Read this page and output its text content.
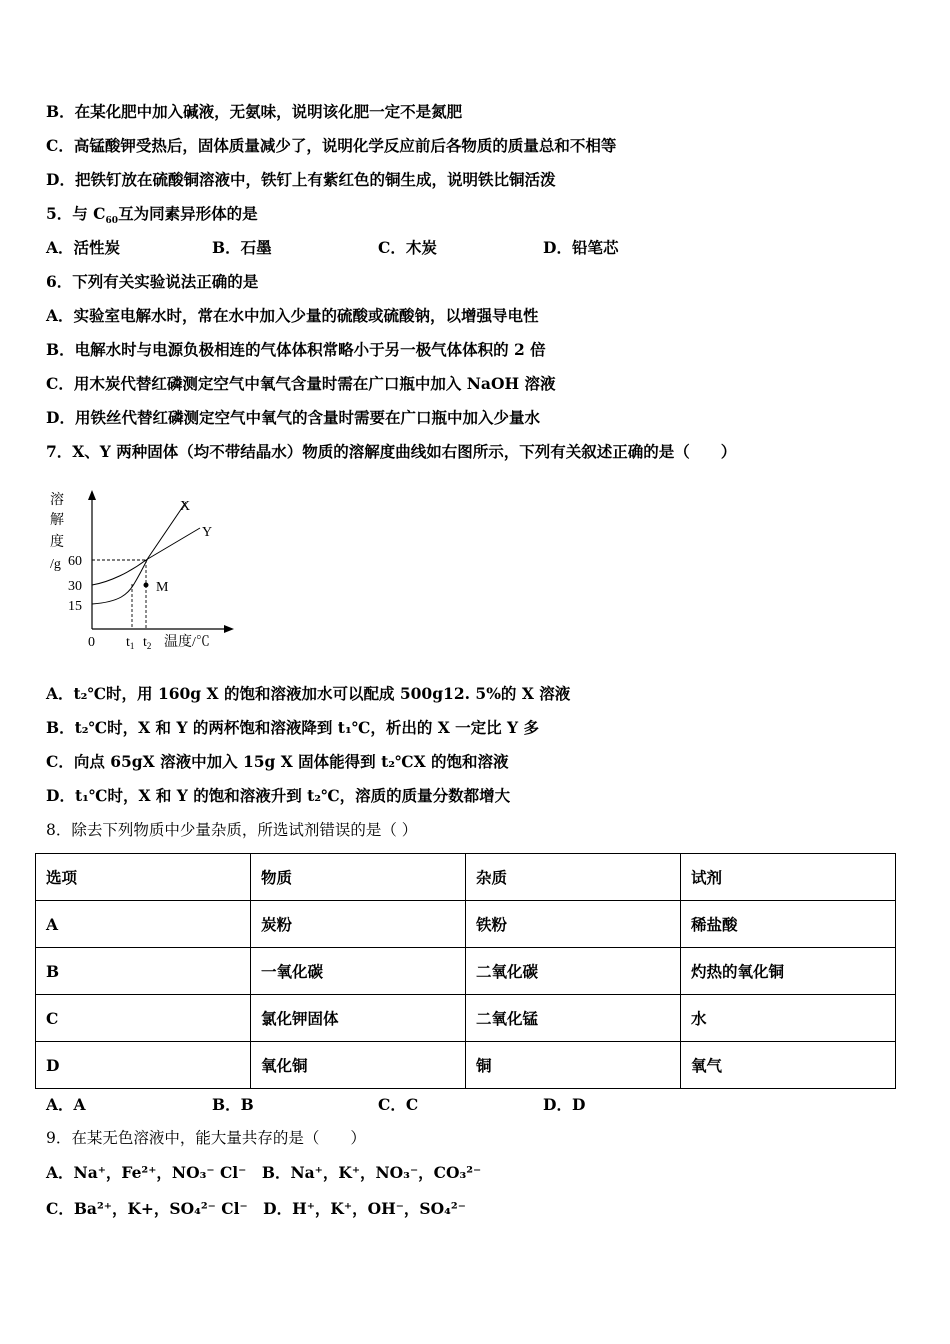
B．在某化肥中加入碱液，无氨味，说明该化肥一定不是氮肥
C．高锰酸钾受热后，固体质量减少了，说明化学反应前后各物质的质量总和不相等
D．把铁钉放在硫酸铜溶液中，铁钉上有紫红色的铜生成，说明铁比铜活泼
5．与 $C_{60}$互为同素异形体的是
A．活性炭	B．石墨	C．木炭	D．铅笔芯
6．下列有关实验说法正确的是
A．实验室电解水时，常在水中加入少量的硫酸或硫酸钠，以增强导电性
B．电解水时与电源负极相连的气体体积常略小于另一极气体体积的 2 倍
C．用木炭代替红磷测定空气中氧气含量时需在广口瓶中加入 NaOH 溶液
D．用铁丝代替红磷测定空气中氧气的含量时需要在广口瓶中加入少量水
7．X、Y 两种固体（均不带结晶水）物质的溶解度曲线如右图所示，下列有关叙述正确的是（　　）
溶
解
度
/g 60
30
15
X
Y
M
0 $t_1$ $t_2$ 温度/℃
A．t₂℃时，用 160g X 的饱和溶液加水可以配成 500g12. 5%的 X 溶液
B．t₂℃时，X 和 Y 的两杯饱和溶液降到 t₁℃，析出的 X 一定比 Y 多
C．向点 65gX 溶液中加入 15g X 固体能得到 t₂℃X 的饱和溶液
D．t₁℃时，X 和 Y 的饱和溶液升到 t₂℃，溶质的质量分数都增大
8．除去下列物质中少量杂质，所选试剂错误的是（ ）
选项	物质	杂质	试剂
A	炭粉	铁粉	稀盐酸
B	一氧化碳	二氧化碳	灼热的氧化铜
C	氯化钾固体	二氧化锰	水
D	氧化铜	铜	氧气
A．A	B．B	C．C	D．D
9．在某无色溶液中，能大量共存的是（　　）
A．Na⁺，Fe²⁺，NO₃⁻ Cl⁻　B．Na⁺，K⁺，NO₃⁻，CO₃²⁻
C．Ba²⁺，K+，SO₄²⁻ Cl⁻　D．H⁺，K⁺，OH⁻，SO₄²⁻
